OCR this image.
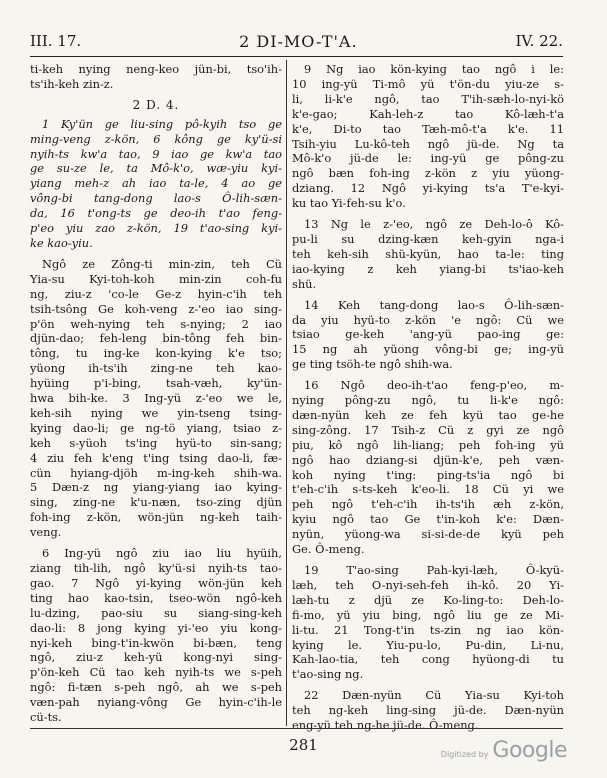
III. 17.	2 DI-MO-T'A.	IV. 22.
ti-keh nying neng-keo jün-bi, tso'ih-
ts'ih-keh zin-z.
2 D. 4.
1 Ky'ün ge liu-sing pô-kyih tso ge
ming-veng z-kön, 6 kông ge ky'ü-si
nyih-ts kw'a tao, 9 iao ge kw'a tao
ge su-ze le, ta Mô-k'o, wæ-yiu kyi-
yiang meh-z ah iao ta-le, 4 ao ge
vông-bi tang-dong lao-s Ô-lih-sæn-
da, 16 t'ong-ts ge deo-ih t'ao feng-
p'eo yiu zao z-kön, 19 t'ao-sing kyi-
ke kao-yiu.
Ngô ze Zông-ti min-zin, teh Cü
Yia-su Kyi-toh-koh min-zin coh-fu
ng, ziu-z 'co-le Ge-z hyin-c'ih teh
tsih-tsông Ge koh-veng z-'eo iao sing-
p'ön weh-nying teh s-nying; 2 iao
djün-dao; feh-leng bin-tông feh bin-
tông, tu ing-ke kon-kying k'e tso;
yüong ih-ts'ih zing-ne teh kao-
hyüing p'i-bing, tsah-væh, ky'ün-
hwa bih-ke. 3 Ing-yü z-'eo we le,
keh-sih nying we yin-tseng tsing-
kying dao-li; ge ng-tö yiang, tsiao z-
keh s-yüoh ts'ing hyü-to sin-sang;
4 ziu feh k'eng t'ing tsing dao-li, fæ-
cün hyiang-djöh m-ing-keh shih-wa.
5 Dæn-z ng yiang-yiang iao kying-
sing, zing-ne k'u-næn, tso-zing djün
foh-ing z-kön, wön-jün ng-keh taih-
veng.
6 Ing-yü ngô ziu iao liu hyüih,
ziang tih-lih, ngô ky'ü-si nyih-ts tao-
gao. 7 Ngô yi-kying wön-jün keh
ting hao kao-tsin, tseo-wön ngô-keh
lu-dzing, pao-siu su siang-sing-keh
dao-li: 8 jong kying yi-'eo yiu kong-
nyi-keh bing-t'in-kwön bi-bæn, teng
ngô, ziu-z keh-yü kong-nyi sing-
p'ön-keh Cü tao keh nyih-ts we s-peh
ngô: fi-tæn s-peh ngô, ah we s-peh
væn-pah nyiang-vông Ge hyin-c'ih-le
cü-ts.
9 Ng iao kön-kying tao ngô i le:
10 ing-yü Ti-mô yü t'ön-du yiu-ze s-
li, li-k'e ngô, tao T'ih-sæh-lo-nyi-kö
k'e-gao; Kah-leh-z tao Kô-læh-t'a
k'e, Di-to tao Tæh-mô-t'a k'e. 11
Tsih-yiu Lu-kô-teh ngô jü-de. Ng ta
Mô-k'o jü-de le: ing-yü ge pông-zu
ngô bæn foh-ing z-kön z yiu yüong-
dziang. 12 Ngô yi-kying ts'a T'e-kyi-
ku tao Yi-feh-su k'o.
13 Ng le z-'eo, ngô ze Deh-lo-ô Kô-
pu-li su dzing-kæn keh-gyin nga-i
teh keh-sih shü-kyün, hao ta-le: ting
iao-kying z keh yiang-bi ts'iao-keh
shü.
14 Keh tang-dong lao-s Ô-lih-sæn-
da yiu hyü-to z-kön 'e ngô: Cü we
tsiao ge-keh 'ang-yü pao-ing ge:
15 ng ah yüong vông-bi ge; ing-yü
ge ting tsöh-te ngô shih-wa.
16 Ngô deo-ih-t'ao feng-p'eo, m-
nying pông-zu ngô, tu li-k'e ngô:
dæn-nyün keh ze feh kyü tao ge-he
sing-zông. 17 Tsih-z Cü z gyi ze ngô
piu, kô ngô lih-liang; peh foh-ing yü
ngô hao dziang-si djün-k'e, peh væn-
koh nying t'ing: ping-ts'ia ngô bi
t'eh-c'ih s-ts-keh k'eo-li. 18 Cü yi we
peh ngô t'eh-c'ih ih-ts'ih æh z-kön,
kyiu ngô tao Ge t'in-koh k'e: Dæn-
nyün, yüong-wa si-si-de-de kyü peh
Ge. Ô-meng.
19 T'ao-sing Pah-kyi-læh, Ô-kyü-
læh, teh O-nyi-seh-feh ih-kô. 20 Yi-
læh-tu z djü ze Ko-ling-to: Deh-lo-
fi-mo, yü yiu bing, ngô liu ge ze Mi-
li-tu. 21 Tong-t'in ts-zin ng iao kön-
kying le. Yiu-pu-lo, Pu-din, Li-nu,
Kah-lao-tia, teh cong hyüong-di tu
t'ao-sing ng.
22 Dæn-nyün Cü Yia-su Kyi-toh
teh ng-keh ling-sing jü-de. Dæn-nyün
eng-yü teh ng-he jü-de. Ô-meng.
281
Digitized by Google
